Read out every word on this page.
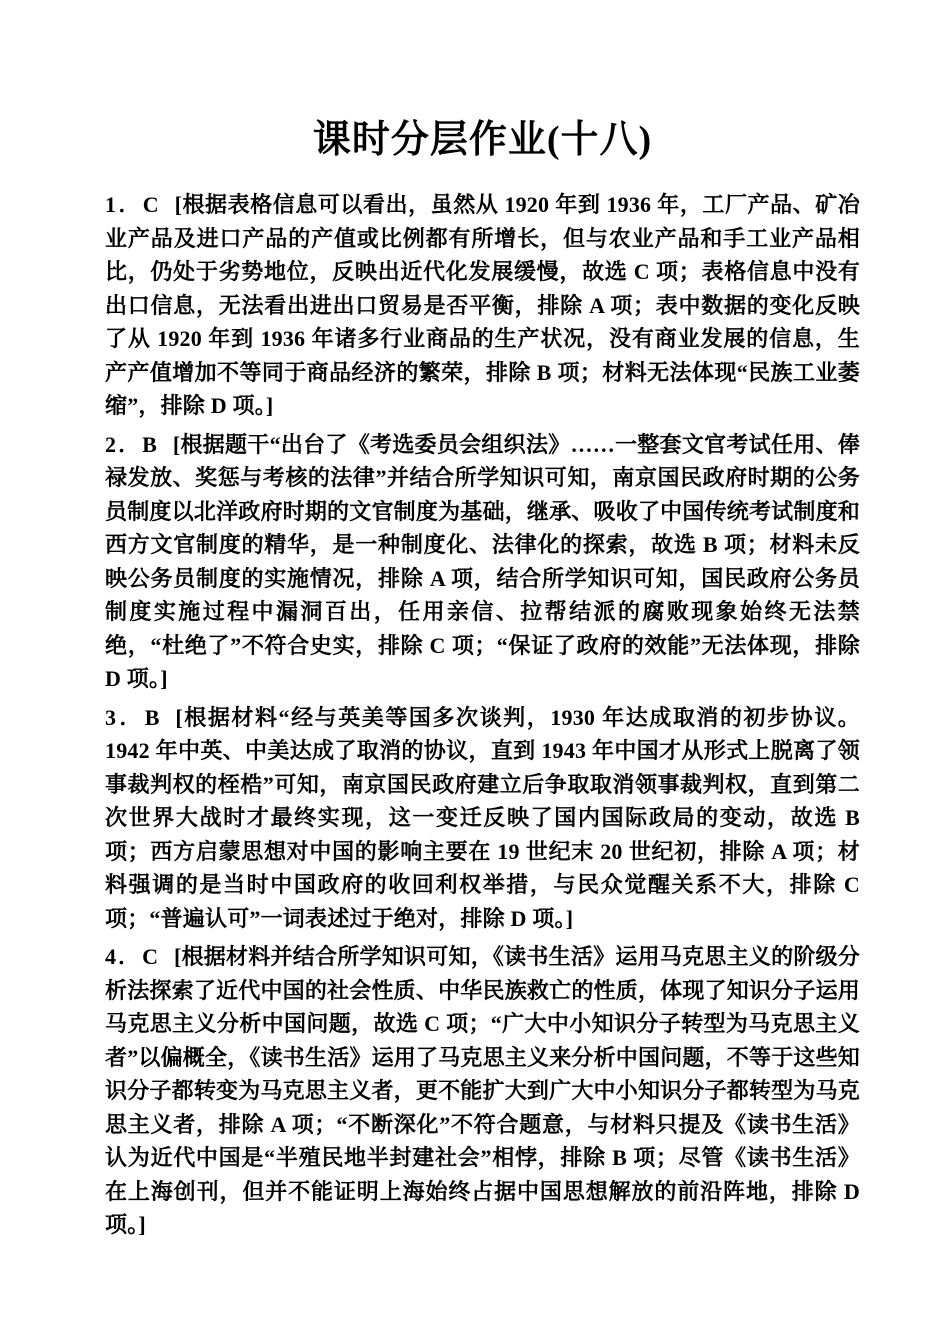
课时分层作业(十八)

1．C [根据表格信息可以看出，虽然从 1920 年到 1936 年，工厂产品、矿冶业产品及进口产品的产值或比例都有所增长，但与农业产品和手工业产品相比，仍处于劣势地位，反映出近代化发展缓慢，故选 C 项；表格信息中没有出口信息，无法看出进出口贸易是否平衡，排除 A 项；表中数据的变化反映了从 1920 年到 1936 年诸多行业商品的生产状况，没有商业发展的信息，生产产值增加不等同于商品经济的繁荣，排除 B 项；材料无法体现“民族工业萎缩”，排除 D 项。]

2．B [根据题干“出台了《考选委员会组织法》……一整套文官考试任用、俸禄发放、奖惩与考核的法律”并结合所学知识可知，南京国民政府时期的公务员制度以北洋政府时期的文官制度为基础，继承、吸收了中国传统考试制度和西方文官制度的精华，是一种制度化、法律化的探索，故选 B 项；材料未反映公务员制度的实施情况，排除 A 项，结合所学知识可知，国民政府公务员制度实施过程中漏洞百出，任用亲信、拉帮结派的腐败现象始终无法禁绝，“杜绝了”不符合史实，排除 C 项；“保证了政府的效能”无法体现，排除 D 项。]

3．B [根据材料“经与英美等国多次谈判，1930 年达成取消的初步协议。1942 年中英、中美达成了取消的协议，直到 1943 年中国才从形式上脱离了领事裁判权的桎梏”可知，南京国民政府建立后争取取消领事裁判权，直到第二次世界大战时才最终实现，这一变迁反映了国内国际政局的变动，故选 B 项；西方启蒙思想对中国的影响主要在 19 世纪末 20 世纪初，排除 A 项；材料强调的是当时中国政府的收回利权举措，与民众觉醒关系不大，排除 C 项；“普遍认可”一词表述过于绝对，排除 D 项。]

4．C [根据材料并结合所学知识可知，《读书生活》运用马克思主义的阶级分析法探索了近代中国的社会性质、中华民族救亡的性质，体现了知识分子运用马克思主义分析中国问题，故选 C 项；“广大中小知识分子转型为马克思主义者”以偏概全，《读书生活》运用了马克思主义来分析中国问题，不等于这些知识分子都转变为马克思主义者，更不能扩大到广大中小知识分子都转型为马克思主义者，排除 A 项；“不断深化”不符合题意，与材料只提及《读书生活》认为近代中国是“半殖民地半封建社会”相悖，排除 B 项；尽管《读书生活》在上海创刊，但并不能证明上海始终占据中国思想解放的前沿阵地，排除 D 项。]
